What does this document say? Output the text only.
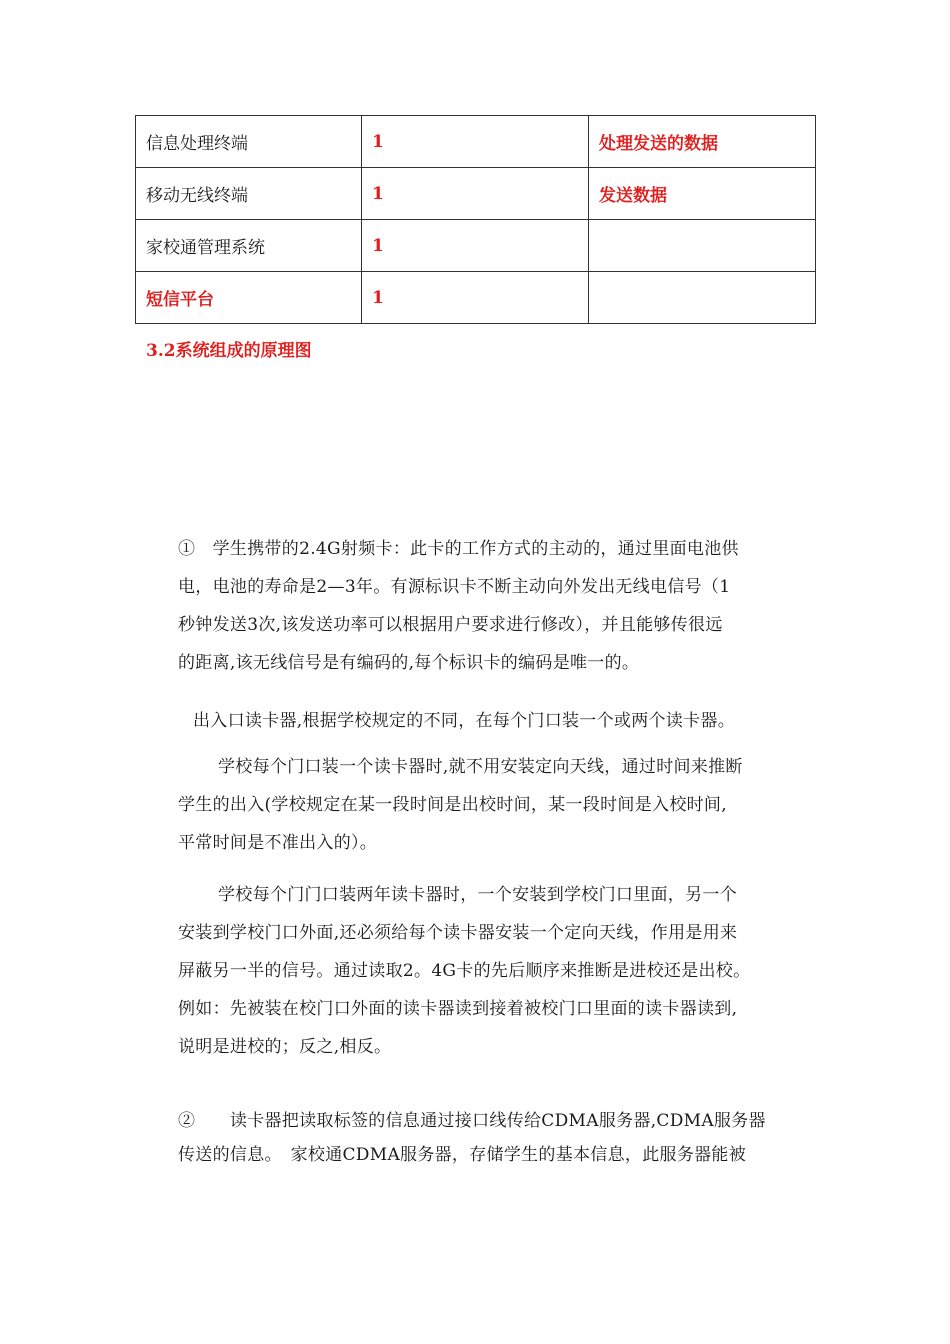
信息处理终端	1	处理发送的数据
移动无线终端	1	发送数据
家校通管理系统	1	
短信平台	1	
3.2系统组成的原理图
①　学生携带的2.4G射频卡：此卡的工作方式的主动的，通过里面电池供
电，电池的寿命是2—3年。有源标识卡不断主动向外发出无线电信号（1
秒钟发送3次,该发送功率可以根据用户要求进行修改），并且能够传很远
的距离,该无线信号是有编码的,每个标识卡的编码是唯一的。
出入口读卡器,根据学校规定的不同，在每个门口装一个或两个读卡器。
学校每个门口装一个读卡器时,就不用安装定向天线，通过时间来推断
学生的出入(学校规定在某一段时间是出校时间，某一段时间是入校时间,
平常时间是不准出入的）。
学校每个门门口装两年读卡器时，一个安装到学校门口里面，另一个
安装到学校门口外面,还必须给每个读卡器安装一个定向天线，作用是用来
屏蔽另一半的信号。通过读取2。4G卡的先后顺序来推断是进校还是出校。
例如：先被装在校门口外面的读卡器读到接着被校门口里面的读卡器读到,
说明是进校的；反之,相反。
②　　读卡器把读取标签的信息通过接口线传给CDMA服务器,CDMA服务器
传送的信息。　家校通CDMA服务器，存储学生的基本信息，此服务器能被
